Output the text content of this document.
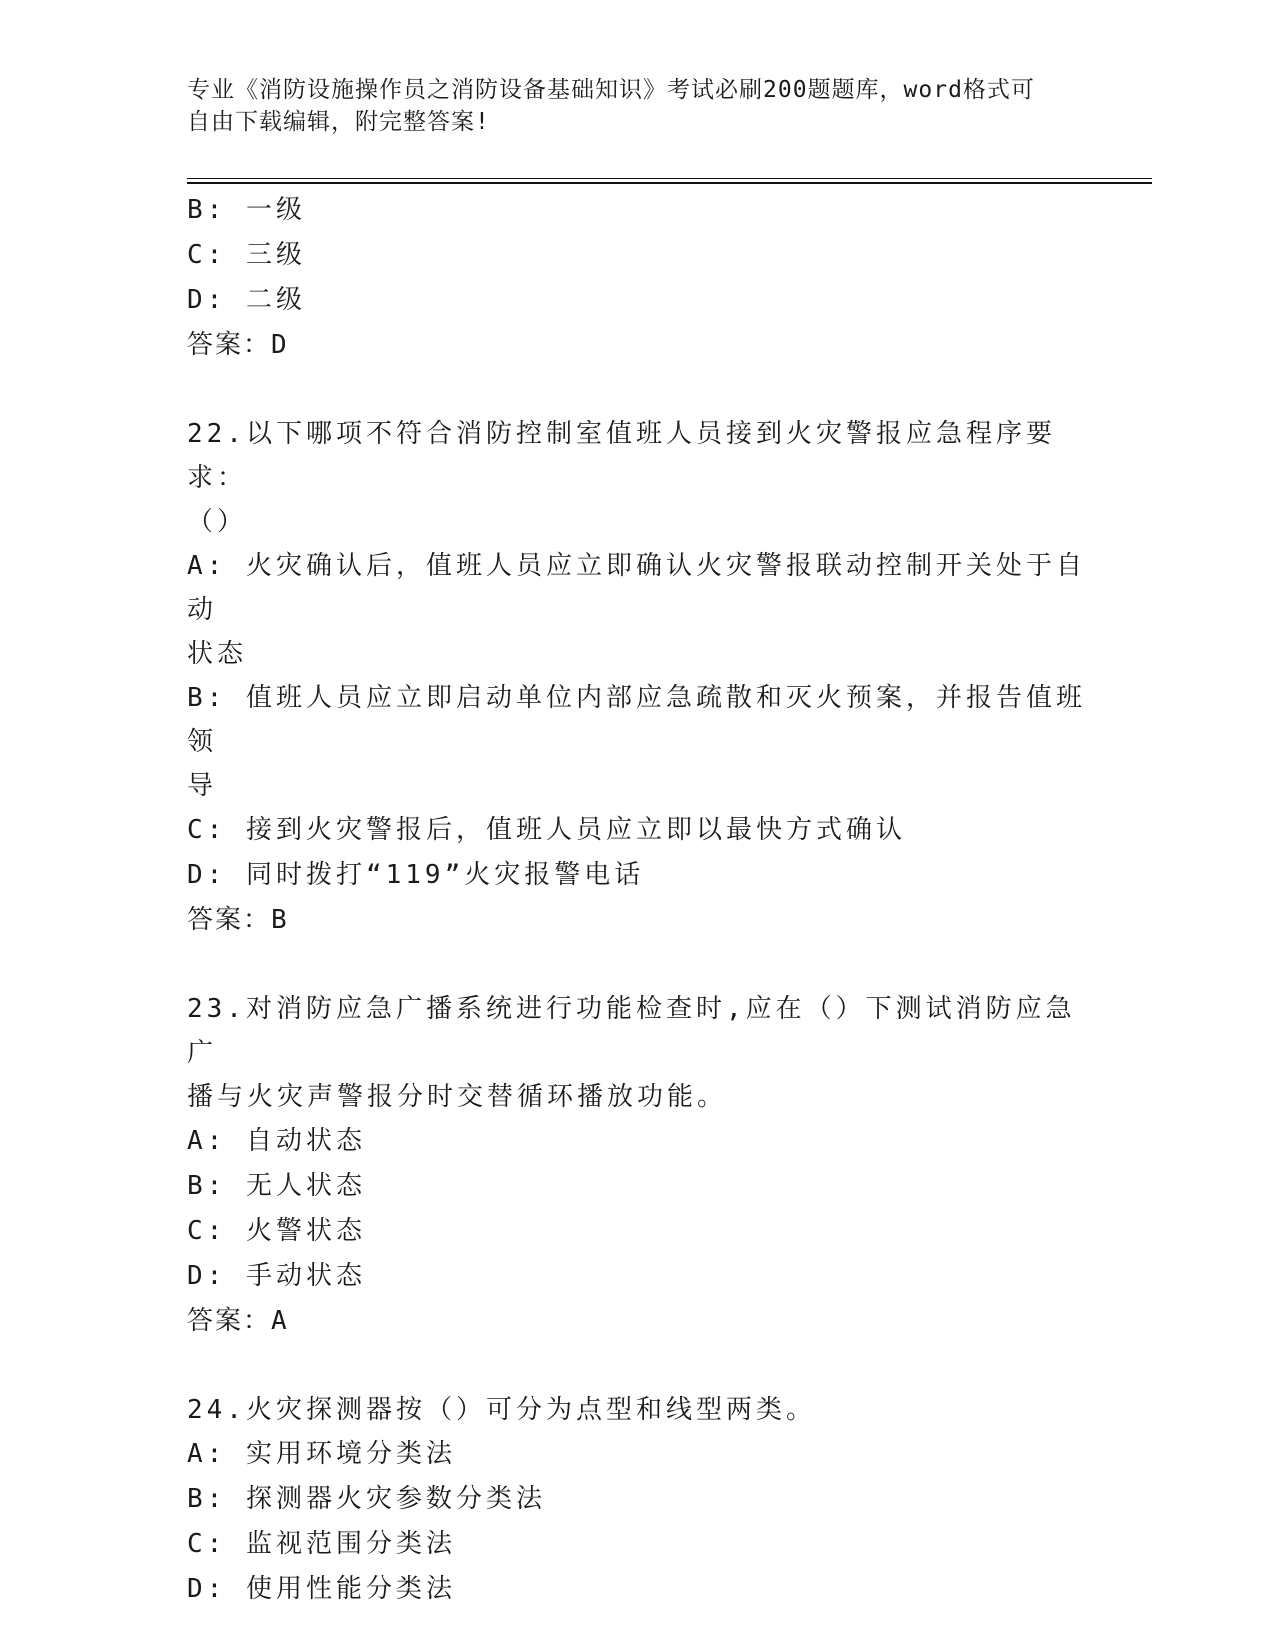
专业《消防设施操作员之消防设备基础知识》考试必刷200题题库，word格式可
自由下载编辑，附完整答案!
B: 一级
C: 三级
D: 二级
答案：D
22.以下哪项不符合消防控制室值班人员接到火灾警报应急程序要求：
（）
A: 火灾确认后，值班人员应立即确认火灾警报联动控制开关处于自动
状态
B: 值班人员应立即启动单位内部应急疏散和灭火预案，并报告值班领
导
C: 接到火灾警报后，值班人员应立即以最快方式确认
D: 同时拨打“119”火灾报警电话
答案：B
23.对消防应急广播系统进行功能检查时,应在（）下测试消防应急广
播与火灾声警报分时交替循环播放功能。
A: 自动状态
B: 无人状态
C: 火警状态
D: 手动状态
答案：A
24.火灾探测器按（）可分为点型和线型两类。
A: 实用环境分类法
B: 探测器火灾参数分类法
C: 监视范围分类法
D: 使用性能分类法
